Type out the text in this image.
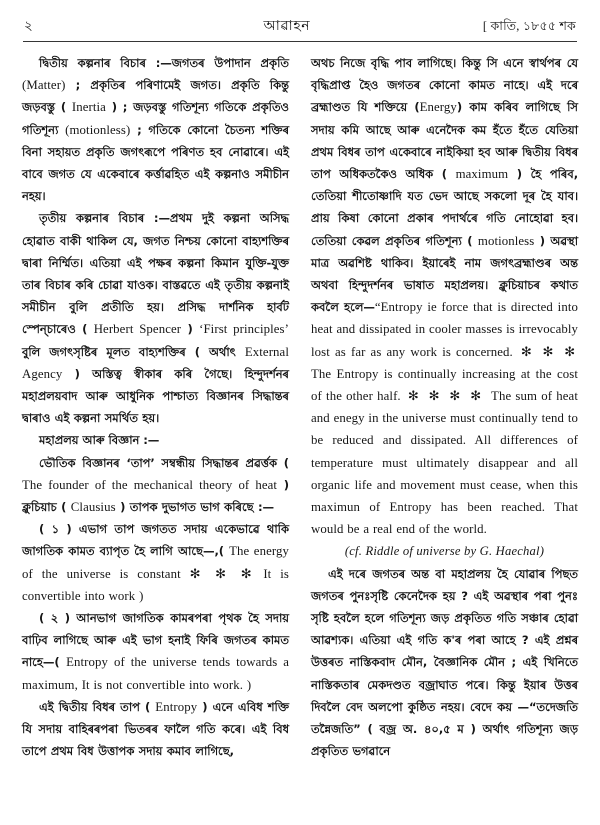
২	আৱাহন	[ কাতি, ১৮৫৫ শক

দ্বিতীয় কল্পনাৰ বিচাৰ :—জগতৰ উপাদান প্ৰকৃতি (Matter) ; প্ৰকৃতিৰ পৰিণামেই জগত। প্ৰকৃতি কিন্তু জড়বস্তু ( Inertia ) ; জড়বস্তু গতিশূন্য গতিকে প্ৰকৃতিও গতিশূন্য (motionless) ; গতিকে কোনো চৈতন্য শক্তিৰ বিনা সহায়ত প্ৰকৃতি জগৎৰূপে পৰিণত হব নোৱাৰে। এই বাবে জগত যে একেবাৰে কৰ্ত্তাৱহিত এই কল্পনাও সমীচীন নহয়।

তৃতীয় কল্পনাৰ বিচাৰ :—প্ৰথম দুই কল্পনা অসিদ্ধ হোৱাত বাকী থাকিল যে, জগত নিশ্চয় কোনো বাহ্যশক্তিৰ দ্বাৰা নিৰ্ম্মিত। এতিয়া এই পক্ষৰ কল্পনা কিমান যুক্তি-যুক্ত তাৰ বিচাৰ কৰি চোৱা যাওক। বাস্তৱতে এই তৃতীয় কল্পনাই সমীচীন বুলি প্ৰতীতি হয়। প্ৰসিদ্ধ দাৰ্শনিক হাৰ্বট স্পেন্চাৰেও ( Herbert Spencer ) ‘First principles’ বুলি জগৎসৃষ্টিৰ মূলত বাহ্যশক্তিৰ ( অৰ্থাৎ External Agency ) অস্তিত্ব স্বীকাৰ কৰি গৈছে। হিন্দুদৰ্শনৰ মহাপ্ৰলয়বাদ আৰু আধুনিক পাশ্চাত্য বিজ্ঞানৰ সিদ্ধান্তৰ দ্বাৰাও এই কল্পনা সমৰ্থিত হয়।

মহাপ্ৰলয় আৰু বিজ্ঞান :—

ভৌতিক বিজ্ঞানৰ ‘তাপ’ সম্বন্ধীয় সিদ্ধান্তৰ প্ৰৱৰ্ত্তক ( The founder of the mechanical theory of heat ) ক্লুচিয়াচ ( Clausius ) তাপক দুভাগত ভাগ কৰিছে :—

( ১ ) এভাগ তাপ জগতত সদায় একেভাৱে থাকি জাগতিক কামত ব্যাপৃত হৈ লাগি আছে—,( The energy of the universe is constant ✻ ✻ ✻ It is convertible into work )

( ২ ) আনভাগ জাগতিক কামৰপৰা পৃথক হৈ সদায় বাঢ়িব লাগিছে আৰু এই ভাগ হনাই ফিৰি জগতৰ কামত নাহে—( Entropy of the universe tends towards a maximum, It is not convertible into work. )

এই দ্বিতীয় বিধৰ তাপ ( Entropy ) এনে এবিধ শক্তি যি সদায় বাহিৰৰপৰা ভিতৰৰ ফালৈ গতি কৰে। এই বিধ তাপে প্ৰথম বিধ উত্তাপক সদায় কমাব লাগিছে,

অথচ নিজে বৃদ্ধি পাব লাগিছে। কিন্তু সি এনে স্বাৰ্থপৰ যে বৃদ্ধিপ্ৰাপ্ত হৈও জগতৰ কোনো কামত নাহে। এই দৰে ব্ৰহ্মাণ্ডত যি শক্তিয়ে (Energy) কাম কৰিব লাগিছে সি সদায় কমি আছে আৰু এনেদৈক কম হঁতে হঁতে যেতিয়া প্ৰথম বিধৰ তাপ একেবাৰে নাইকিয়া হব আৰু দ্বিতীয় বিধৰ তাপ অধিকতকৈও অধিক ( maximum ) হৈ পৰিব, তেতিয়া শীতোষ্ণাদি যত ভেদ আছে সকলো দূৰ হৈ যাব। প্ৰায় কিষা কোনো প্ৰকাৰ পদাৰ্থৰে গতি নোহোৱা হব। তেতিয়া কেৱল প্ৰকৃতিৰ গতিশূন্য ( motionless ) অৱস্থা মাত্ৰ অৱশিষ্ট থাকিব। ইয়াৰেই নাম জগৎব্ৰহ্মাণ্ডৰ অন্ত অথবা হিন্দুদৰ্শনৰ ভাষাত মহাপ্ৰলয়। ক্লুচিয়াচৰ কথাত কবলৈ হলে—“Entropy ie force that is directed into heat and dissipated in cooler masses is irrevocably lost as far as any work is concerned. ✻ ✻ ✻ The Entropy is continually increasing at the cost of the other half. ✻ ✻ ✻ ✻ The sum of heat and enegy in the universe must continually tend to be reduced and dissipated. All differences of temperature must ultimately disappear and all organic life and movement must cease, when this maximun of Entropy has been reached. That would be a real end of the world.

(cf. Riddle of universe by G. Haechal)

এই দৰে জগতৰ অন্ত বা মহাপ্ৰলয় হৈ যোৱাৰ পিছত জগতৰ পুনঃসৃষ্টি কেনেদৈক হয় ? এই অৱস্থাৰ পৰা পুনঃ সৃষ্টি হবলৈ হলে গতিশূন্য জড় প্ৰকৃতিত গতি সঞ্চাৰ হোৱা আৱশ্যক। এতিয়া এই গতি ক'ৰ পৰা আহে ? এই প্ৰশ্নৰ উত্তৰত নাস্তিকবাদ মৌন, বৈজ্ঞানিক মৌন ; এই খিনিতে নাস্তিকতাৰ মেকদণ্ডত বজ্ৰাঘাত পৰে। কিন্তু ইয়াৰ উত্তৰ দিবলৈ বেদ অলপো কুষ্ঠিত নহয়। বেদে কয় —“তদেজতি তন্নৈজতি” ( বজ্ৰ অ. ৪০,৫ ম ) অৰ্থাৎ গতিশূন্য জড় প্ৰকৃতিত ভগৱানে
